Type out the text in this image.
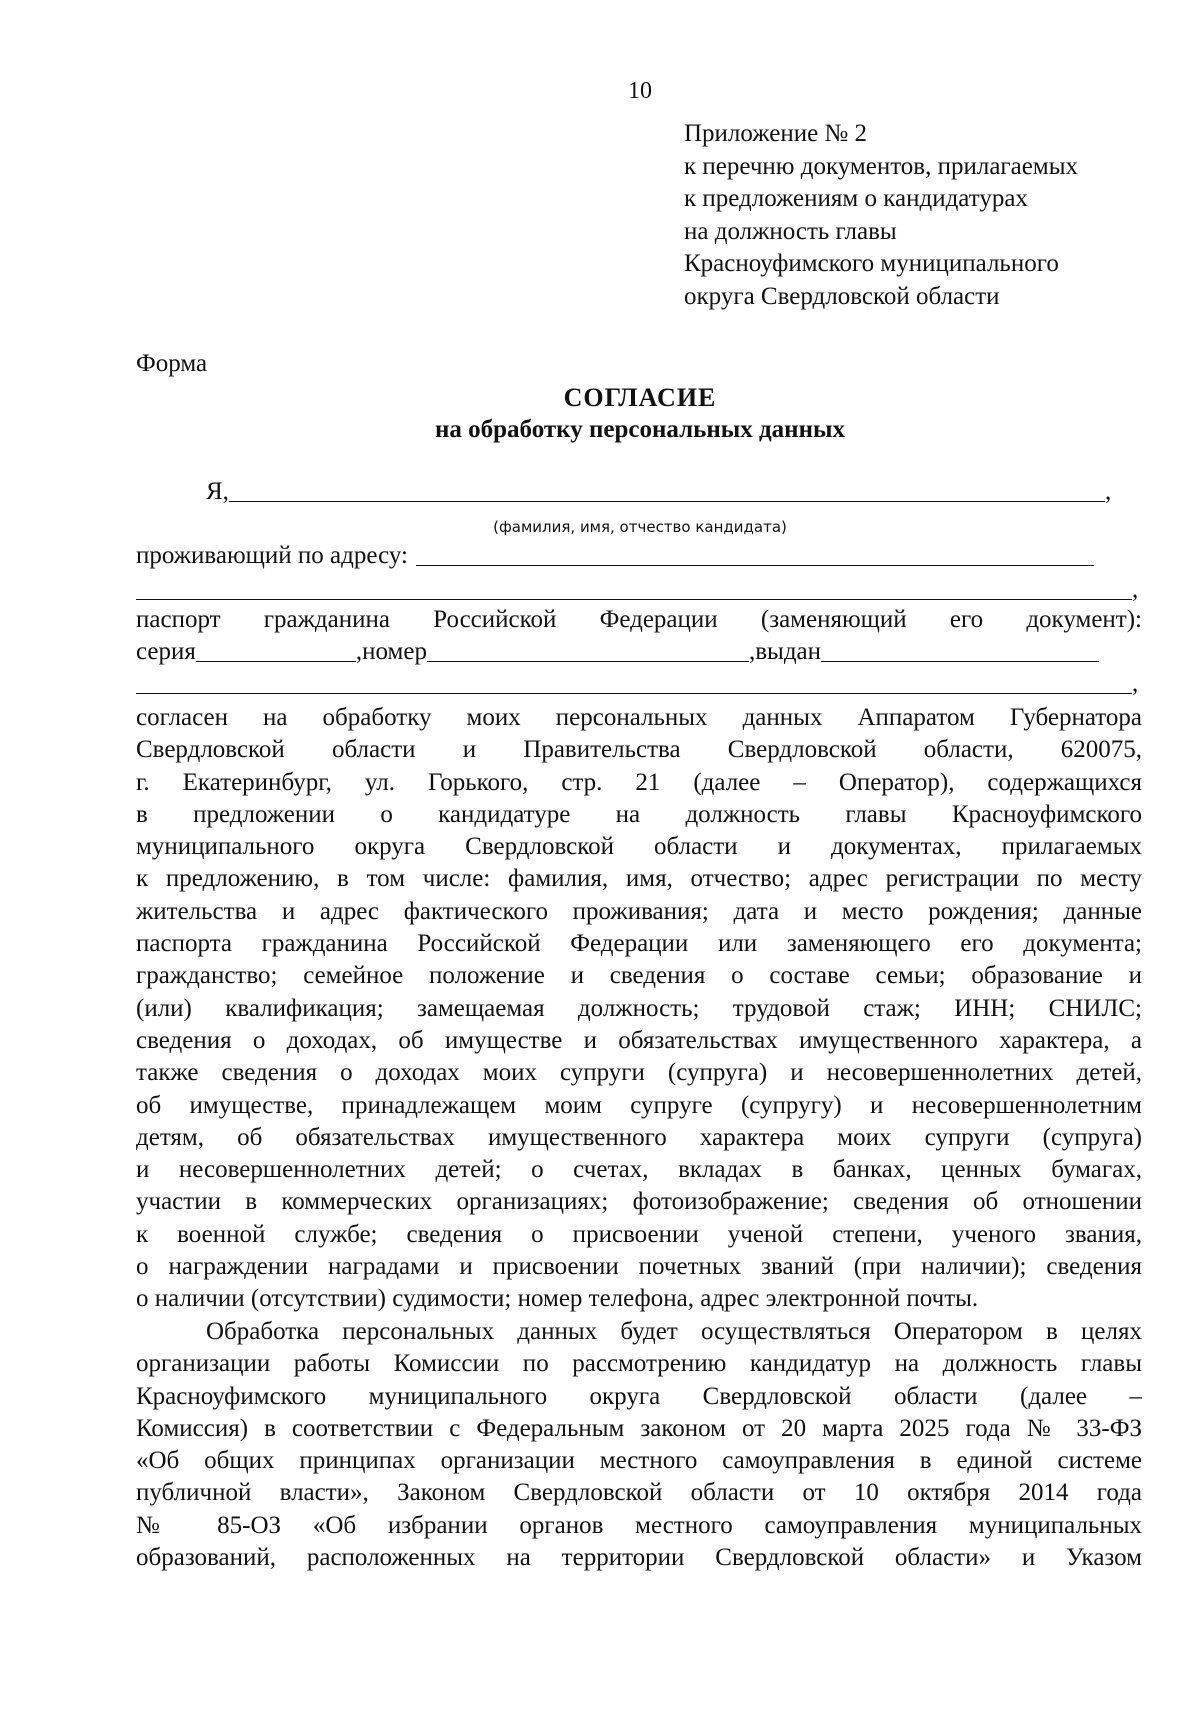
10
Приложение № 2
к перечню документов, прилагаемых
к предложениям о кандидатурах
на должность главы
Красноуфимского муниципального
округа Свердловской области
Форма
СОГЛАСИЕ
на обработку персональных данных
Я,	,
(фамилия, имя, отчество кандидата)
проживающий по адресу:
,
паспорт гражданина Российской Федерации (заменяющий его документ):
серия	,номер	,выдан
,
согласен на обработку моих персональных данных Аппаратом Губернатора
Свердловской области и Правительства Свердловской области, 620075,
г. Екатеринбург, ул. Горького, стр. 21 (далее – Оператор), содержащихся
в предложении о кандидатуре на должность главы Красноуфимского
муниципального округа Свердловской области и документах, прилагаемых
к предложению, в том числе: фамилия, имя, отчество; адрес регистрации по месту
жительства и адрес фактического проживания; дата и место рождения; данные
паспорта гражданина Российской Федерации или заменяющего его документа;
гражданство; семейное положение и сведения о составе семьи; образование и
(или) квалификация; замещаемая должность; трудовой стаж; ИНН; СНИЛС;
сведения о доходах, об имуществе и обязательствах имущественного характера, а
также сведения о доходах моих супруги (супруга) и несовершеннолетних детей,
об имуществе, принадлежащем моим супруге (супругу) и несовершеннолетним
детям, об обязательствах имущественного характера моих супруги (супруга)
и несовершеннолетних детей; о счетах, вкладах в банках, ценных бумагах,
участии в коммерческих организациях; фотоизображение; сведения об отношении
к военной службе; сведения о присвоении ученой степени, ученого звания,
о награждении наградами и присвоении почетных званий (при наличии); сведения
о наличии (отсутствии) судимости; номер телефона, адрес электронной почты.
Обработка персональных данных будет осуществляться Оператором в целях
организации работы Комиссии по рассмотрению кандидатур на должность главы
Красноуфимского муниципального округа Свердловской области (далее –
Комиссия) в соответствии с Федеральным законом от 20 марта 2025 года № 33-ФЗ
«Об общих принципах организации местного самоуправления в единой системе
публичной власти», Законом Свердловской области от 10 октября 2014 года
№ 85-ОЗ «Об избрании органов местного самоуправления муниципальных
образований, расположенных на территории Свердловской области» и Указом
